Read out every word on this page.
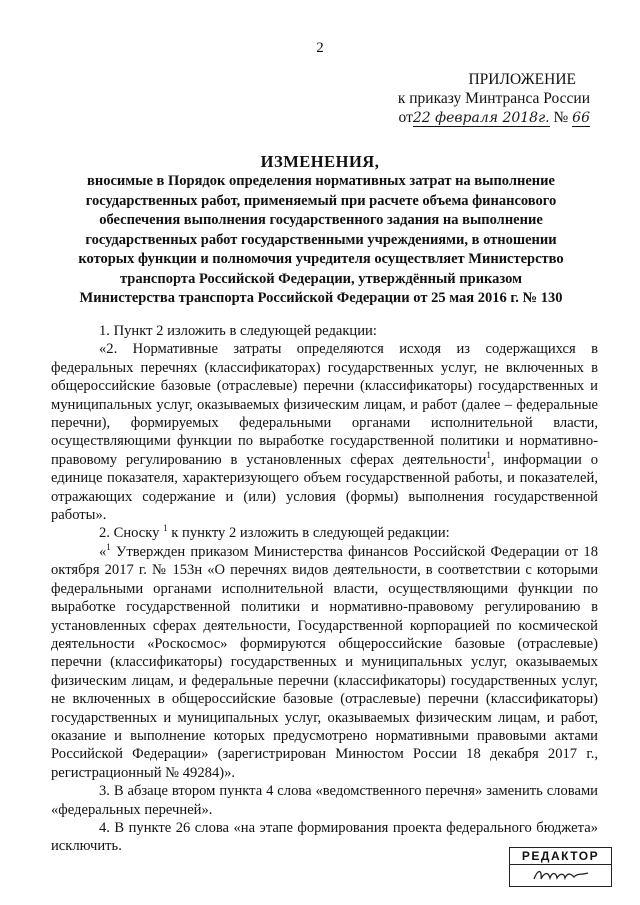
2
ПРИЛОЖЕНИЕ
к приказу Минтранса России
от22 февраля 2018г. № 66
ИЗМЕНЕНИЯ,
вносимые в Порядок определения нормативных затрат на выполнение государственных работ, применяемый при расчете объема финансового обеспечения выполнения государственного задания на выполнение государственных работ государственными учреждениями, в отношении которых функции и полномочия учредителя осуществляет Министерство транспорта Российской Федерации, утверждённый приказом Министерства транспорта Российской Федерации от 25 мая 2016 г. № 130

1. Пункт 2 изложить в следующей редакции:

«2. Нормативные затраты определяются исходя из содержащихся в федеральных перечнях (классификаторах) государственных услуг, не включенных в общероссийские базовые (отраслевые) перечни (классификаторы) государственных и муниципальных услуг, оказываемых физическим лицам, и работ (далее – федеральные перечни), формируемых федеральными органами исполнительной власти, осуществляющими функции по выработке государственной политики и нормативно-правовому регулированию в установленных сферах деятельности$^1$, информации о единице показателя, характеризующего объем государственной работы, и показателей, отражающих содержание и (или) условия (формы) выполнения государственной работы».

2. Сноску $^1$ к пункту 2 изложить в следующей редакции:

«$^1$ Утвержден приказом Министерства финансов Российской Федерации от 18 октября 2017 г. № 153н «О перечнях видов деятельности, в соответствии с которыми федеральными органами исполнительной власти, осуществляющими функции по выработке государственной политики и нормативно-правовому регулированию в установленных сферах деятельности, Государственной корпорацией по космической деятельности «Роскосмос» формируются общероссийские базовые (отраслевые) перечни (классификаторы) государственных и муниципальных услуг, оказываемых физическим лицам, и федеральные перечни (классификаторы) государственных услуг, не включенных в общероссийские базовые (отраслевые) перечни (классификаторы) государственных и муниципальных услуг, оказываемых физическим лицам, и работ, оказание и выполнение которых предусмотрено нормативными правовыми актами Российской Федерации» (зарегистрирован Минюстом России 18 декабря 2017 г., регистрационный № 49284)».

3. В абзаце втором пункта 4 слова «ведомственного перечня» заменить словами «федеральных перечней».

4. В пункте 26 слова «на этапе формирования проекта федерального бюджета» исключить.

РЕДАКТОР
